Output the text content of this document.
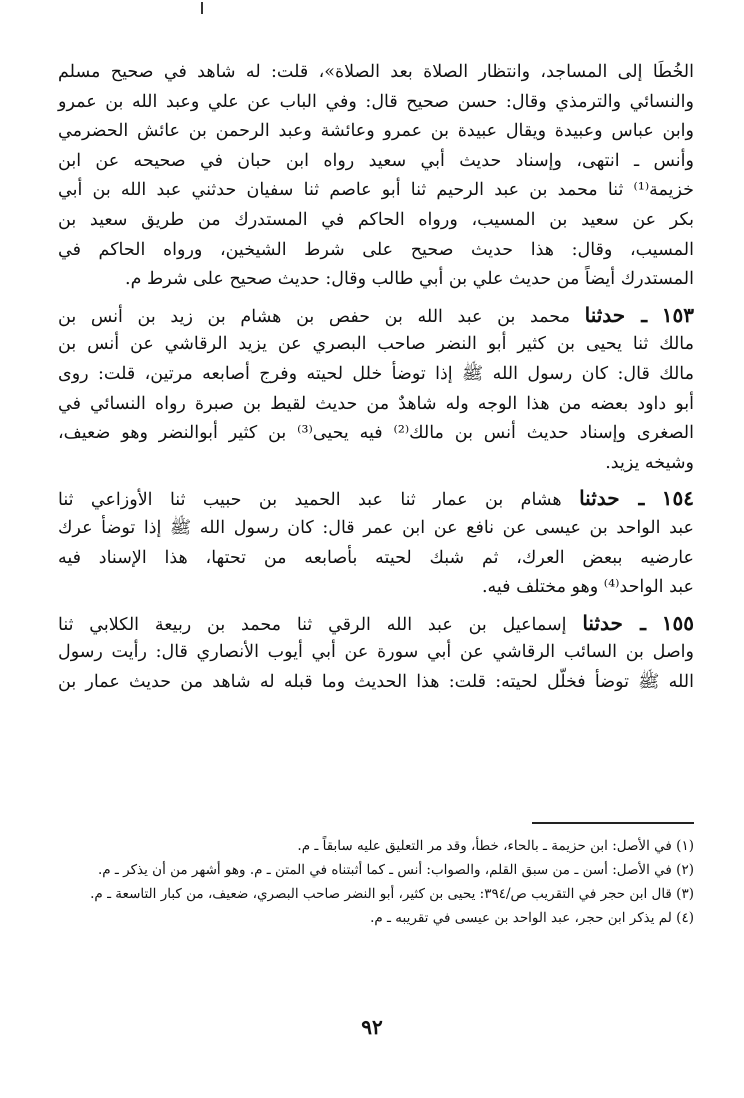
الخُطَا إلى المساجد، وانتظار الصلاة بعد الصلاة»، قلت: له شاهد في صحيح مسلم
والنسائي والترمذي وقال: حسن صحيح قال: وفي الباب عن علي وعبد الله بن عمرو
وابن عباس وعبيدة ويقال عبيدة بن عمرو وعائشة وعبد الرحمن بن عائش الحضرمي
وأنس ـ انتهى، وإسناد حديث أبي سعيد رواه ابن حبان في صحيحه عن ابن
خزيمة⁽¹⁾ ثنا محمد بن عبد الرحيم ثنا أبو عاصم ثنا سفيان حدثني عبد الله بن أبي
بكر عن سعيد بن المسيب، ورواه الحاكم في المستدرك من طريق سعيد بن
المسيب، وقال: هذا حديث صحيح على شرط الشيخين، ورواه الحاكم في
المستدرك أيضاً من حديث علي بن أبي طالب وقال: حديث صحيح على شرط م.
١٥٣ ـ حدثنا محمد بن عبد الله بن حفص بن هشام بن زيد بن أنس بن
مالك ثنا يحيى بن كثير أبو النضر صاحب البصري عن يزيد الرقاشي عن أنس بن
مالك قال: كان رسول الله ﷺ إذا توضأ خلل لحيته وفرج أصابعه مرتين، قلت: روى
أبو داود بعضه من هذا الوجه وله شاهدٌ من حديث لقيط بن صبرة رواه النسائي في
الصغرى وإسناد حديث أنس بن مالك⁽²⁾ فيه يحيى⁽³⁾ بن كثير أبوالنضر وهو ضعيف،
وشيخه يزيد.
١٥٤ ـ حدثنا هشام بن عمار ثنا عبد الحميد بن حبيب ثنا الأوزاعي ثنا
عبد الواحد بن عيسى عن نافع عن ابن عمر قال: كان رسول الله ﷺ إذا توضأ عرك
عارضيه ببعض العرك، ثم شبك لحيته بأصابعه من تحتها، هذا الإسناد فيه
عبد الواحد⁽⁴⁾ وهو مختلف فيه.
١٥٥ ـ حدثنا إسماعيل بن عبد الله الرقي ثنا محمد بن ربيعة الكلابي ثنا
واصل بن السائب الرقاشي عن أبي سورة عن أبي أيوب الأنصاري قال: رأيت رسول
الله ﷺ توضأ فخلّل لحيته: قلت: هذا الحديث وما قبله له شاهد من حديث عمار بن
(١) في الأصل: ابن حزيمة ـ بالحاء، خطأ، وقد مر التعليق عليه سابقاً ـ م.
(٢) في الأصل: أسن ـ من سبق القلم، والصواب: أنس ـ كما أثبتناه في المتن ـ م. وهو أشهر من أن يذكر ـ م.
(٣) قال ابن حجر في التقريب ص/٣٩٤: يحيى بن كثير، أبو النضر صاحب البصري، ضعيف، من كبار التاسعة ـ م.
(٤) لم يذكر ابن حجر، عبد الواحد بن عيسى في تقريبه ـ م.
٩٢
